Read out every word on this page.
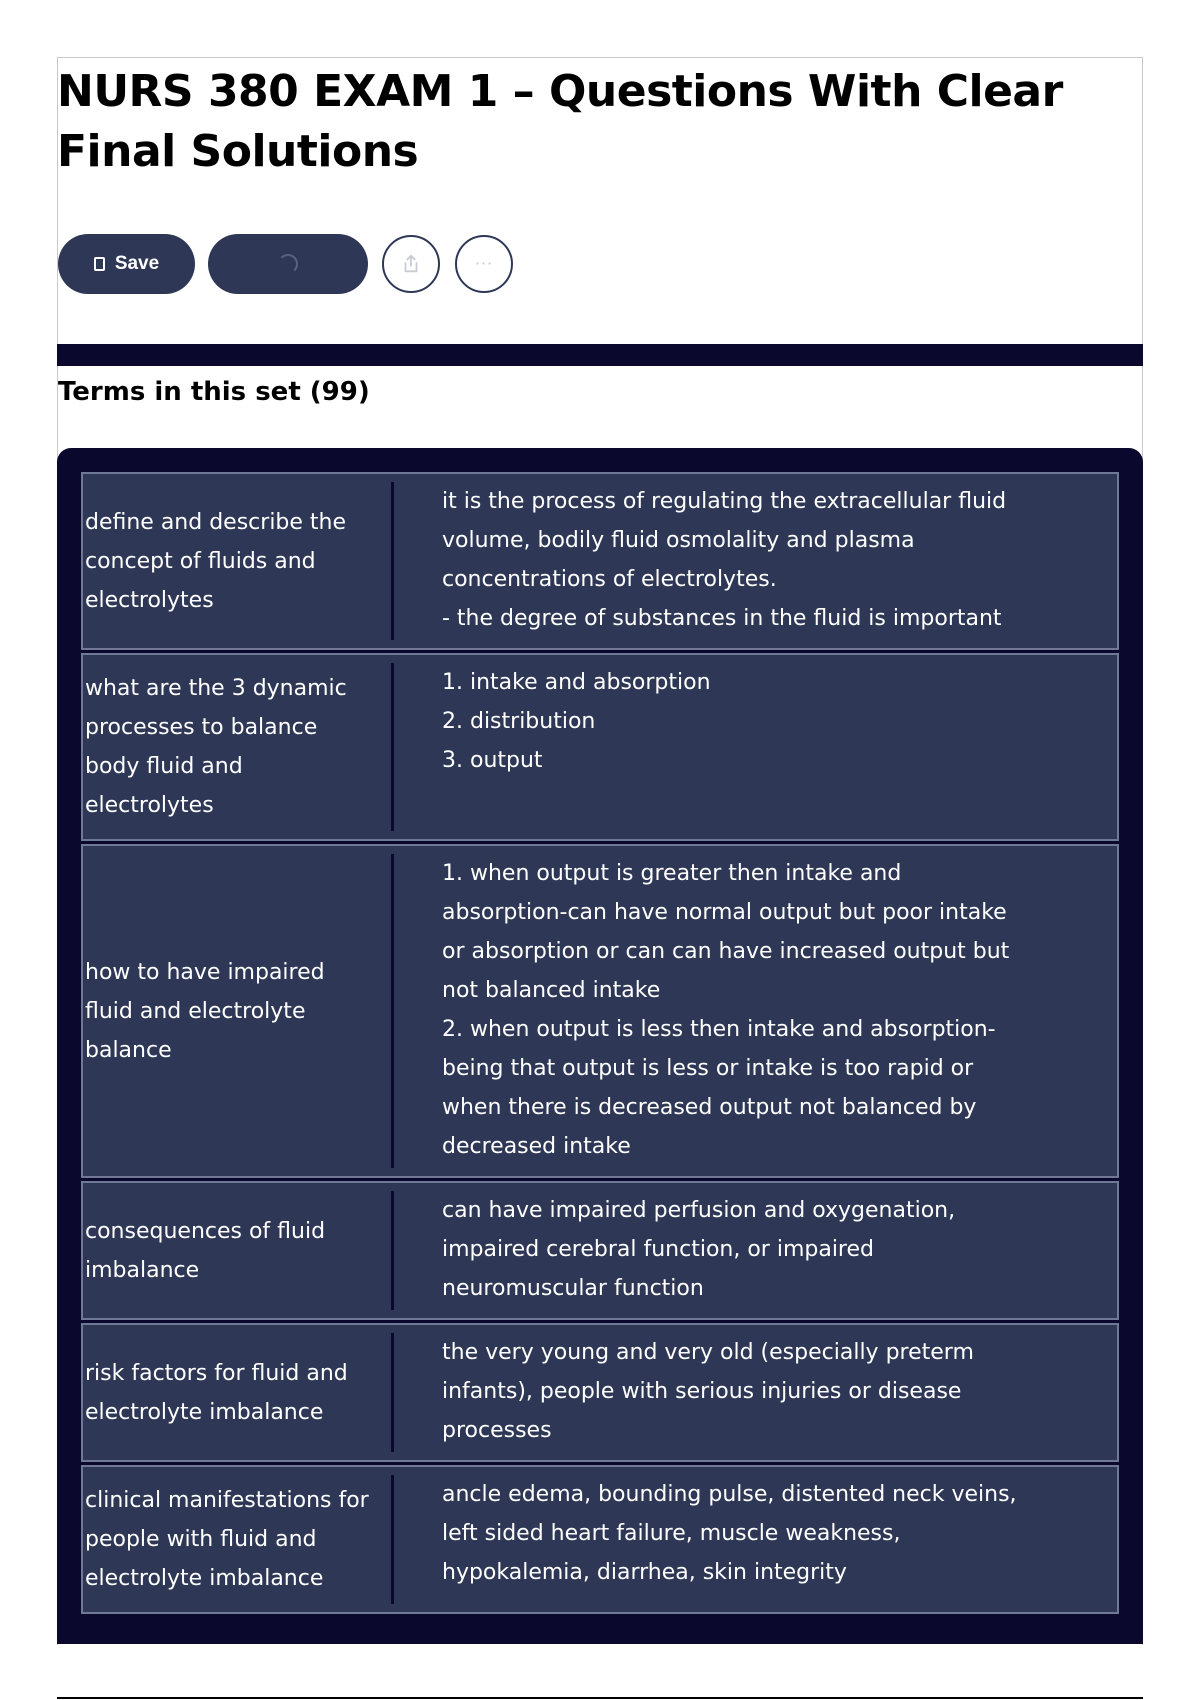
NURS 380 EXAM 1 – Questions With Clear Final Solutions
Save	···
Terms in this set (99)
define and describe the
concept of fluids and
electrolytes
it is the process of regulating the extracellular fluid
volume, bodily fluid osmolality and plasma
concentrations of electrolytes.
- the degree of substances in the fluid is important
what are the 3 dynamic
processes to balance
body fluid and
electrolytes
1. intake and absorption
2. distribution
3. output
how to have impaired
fluid and electrolyte
balance
1. when output is greater then intake and
absorption-can have normal output but poor intake
or absorption or can can have increased output but
not balanced intake
2. when output is less then intake and absorption-
being that output is less or intake is too rapid or
when there is decreased output not balanced by
decreased intake
consequences of fluid
imbalance
can have impaired perfusion and oxygenation,
impaired cerebral function, or impaired
neuromuscular function
risk factors for fluid and
electrolyte imbalance
the very young and very old (especially preterm
infants), people with serious injuries or disease
processes
clinical manifestations for
people with fluid and
electrolyte imbalance
ancle edema, bounding pulse, distented neck veins,
left sided heart failure, muscle weakness,
hypokalemia, diarrhea, skin integrity
